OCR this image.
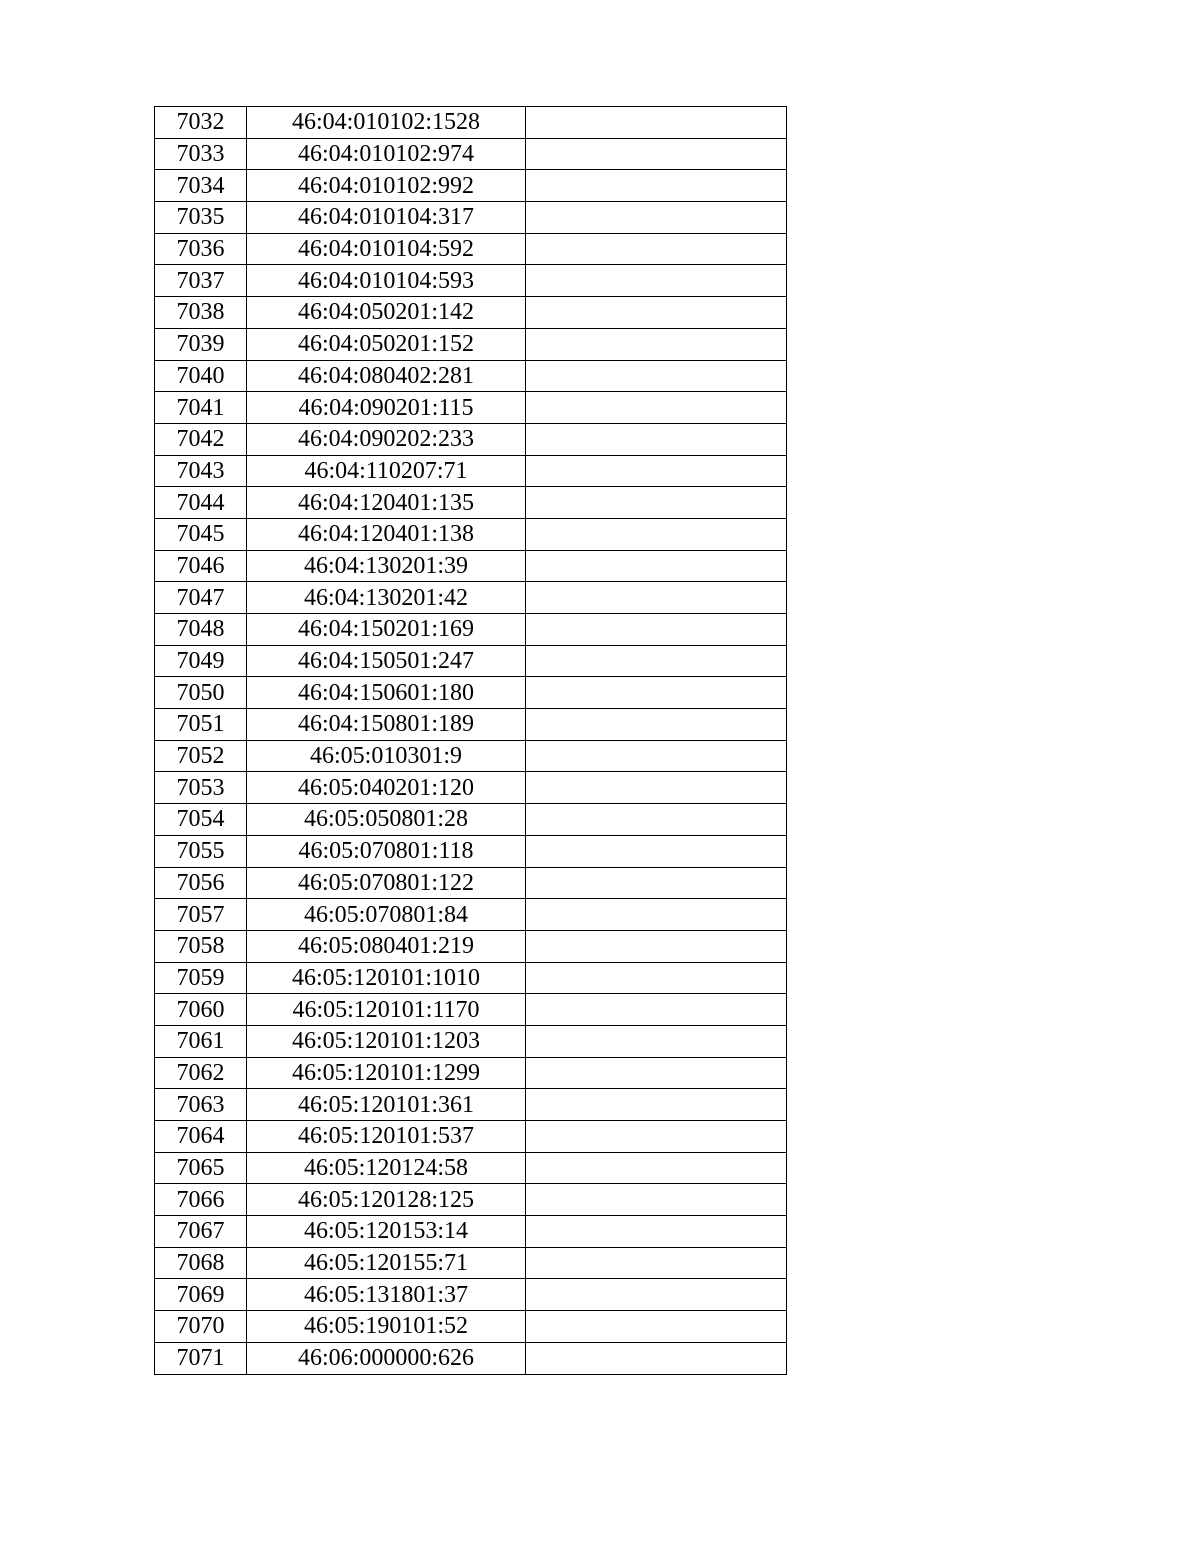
7032	46:04:010102:1528	
7033	46:04:010102:974	
7034	46:04:010102:992	
7035	46:04:010104:317	
7036	46:04:010104:592	
7037	46:04:010104:593	
7038	46:04:050201:142	
7039	46:04:050201:152	
7040	46:04:080402:281	
7041	46:04:090201:115	
7042	46:04:090202:233	
7043	46:04:110207:71	
7044	46:04:120401:135	
7045	46:04:120401:138	
7046	46:04:130201:39	
7047	46:04:130201:42	
7048	46:04:150201:169	
7049	46:04:150501:247	
7050	46:04:150601:180	
7051	46:04:150801:189	
7052	46:05:010301:9	
7053	46:05:040201:120	
7054	46:05:050801:28	
7055	46:05:070801:118	
7056	46:05:070801:122	
7057	46:05:070801:84	
7058	46:05:080401:219	
7059	46:05:120101:1010	
7060	46:05:120101:1170	
7061	46:05:120101:1203	
7062	46:05:120101:1299	
7063	46:05:120101:361	
7064	46:05:120101:537	
7065	46:05:120124:58	
7066	46:05:120128:125	
7067	46:05:120153:14	
7068	46:05:120155:71	
7069	46:05:131801:37	
7070	46:05:190101:52	
7071	46:06:000000:626	
